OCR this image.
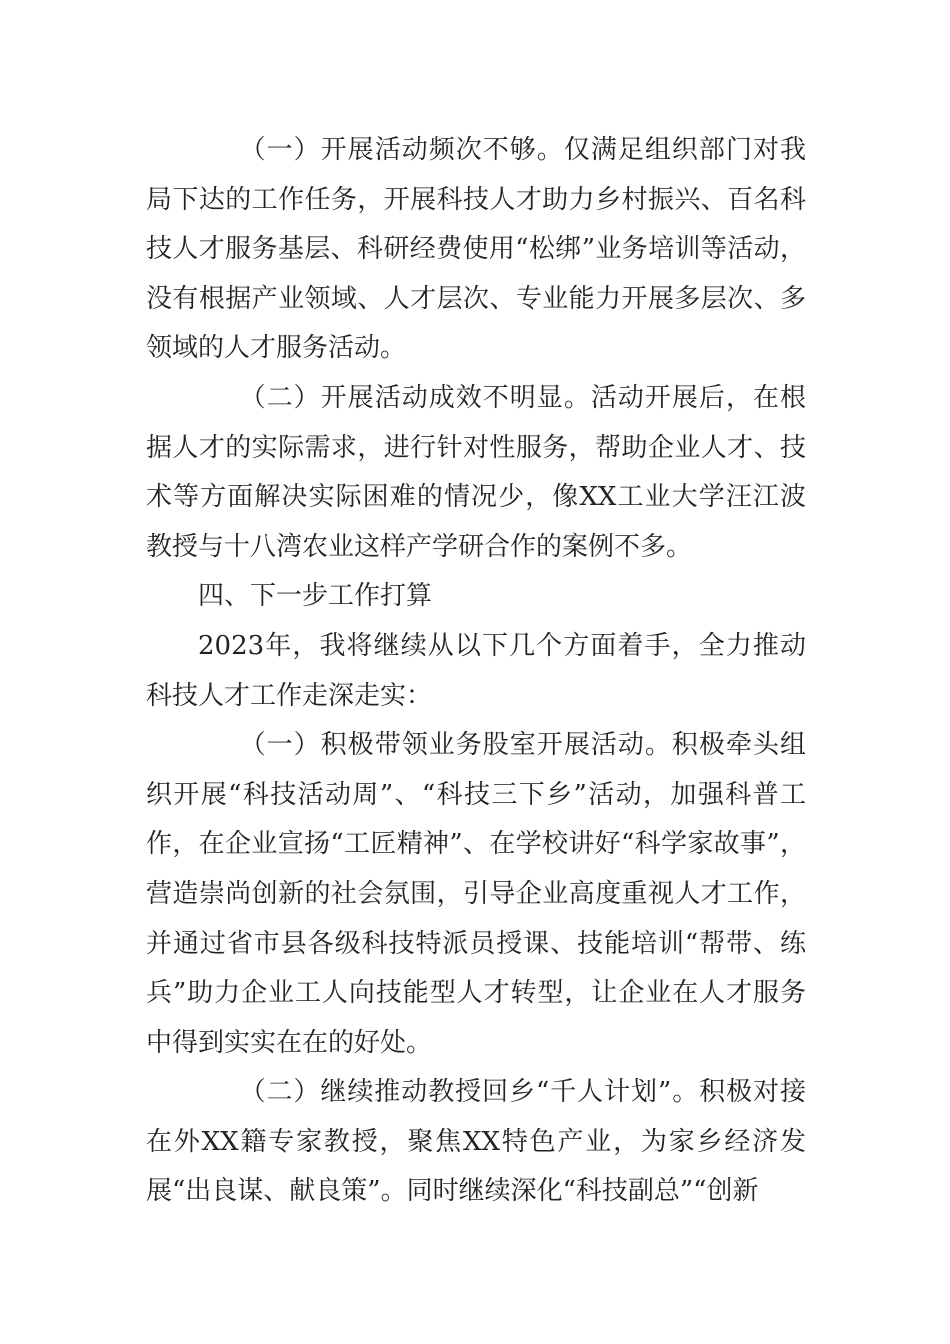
（一）开展活动频次不够。仅满足组织部门对我局下达的工作任务，开展科技人才助力乡村振兴、百名科技人才服务基层、科研经费使用“松绑”业务培训等活动，没有根据产业领域、人才层次、专业能力开展多层次、多领域的人才服务活动。

（二）开展活动成效不明显。活动开展后，在根据人才的实际需求，进行针对性服务，帮助企业人才、技术等方面解决实际困难的情况少，像XX工业大学汪江波教授与十八湾农业这样产学研合作的案例不多。

四、下一步工作打算

2023年，我将继续从以下几个方面着手，全力推动科技人才工作走深走实：

（一）积极带领业务股室开展活动。积极牵头组织开展“科技活动周”、“科技三下乡”活动，加强科普工作，在企业宣扬“工匠精神”、在学校讲好“科学家故事”，营造崇尚创新的社会氛围，引导企业高度重视人才工作，并通过省市县各级科技特派员授课、技能培训“帮带、练兵”助力企业工人向技能型人才转型，让企业在人才服务中得到实实在在的好处。

（二）继续推动教授回乡“千人计划”。积极对接在外XX籍专家教授，聚焦XX特色产业，为家乡经济发展“出良谋、献良策”。同时继续深化“科技副总”“创新
